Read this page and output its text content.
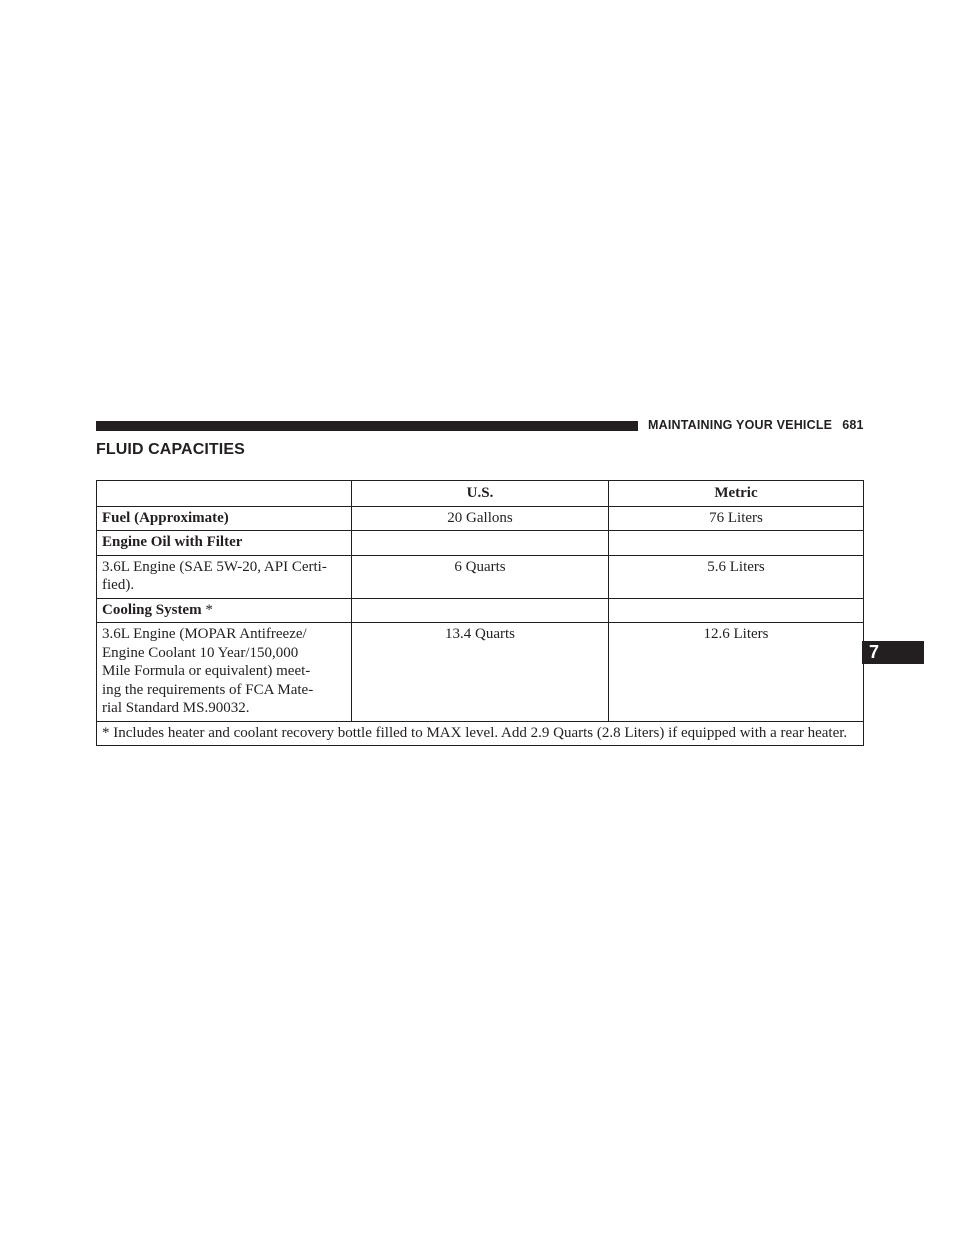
MAINTAINING YOUR VEHICLE 681
FLUID CAPACITIES
7
	U.S.	Metric
Fuel (Approximate)	20 Gallons	76 Liters
Engine Oil with Filter		
3.6L Engine (SAE 5W-20, API Certi-
fied).	6 Quarts	5.6 Liters
Cooling System *		
3.6L Engine (MOPAR Antifreeze/
Engine Coolant 10 Year/150,000
Mile Formula or equivalent) meet-
ing the requirements of FCA Mate-
rial Standard MS.90032.	13.4 Quarts	12.6 Liters
* Includes heater and coolant recovery bottle filled to MAX level. Add 2.9 Quarts (2.8 Liters) if equipped with a rear heater.		
